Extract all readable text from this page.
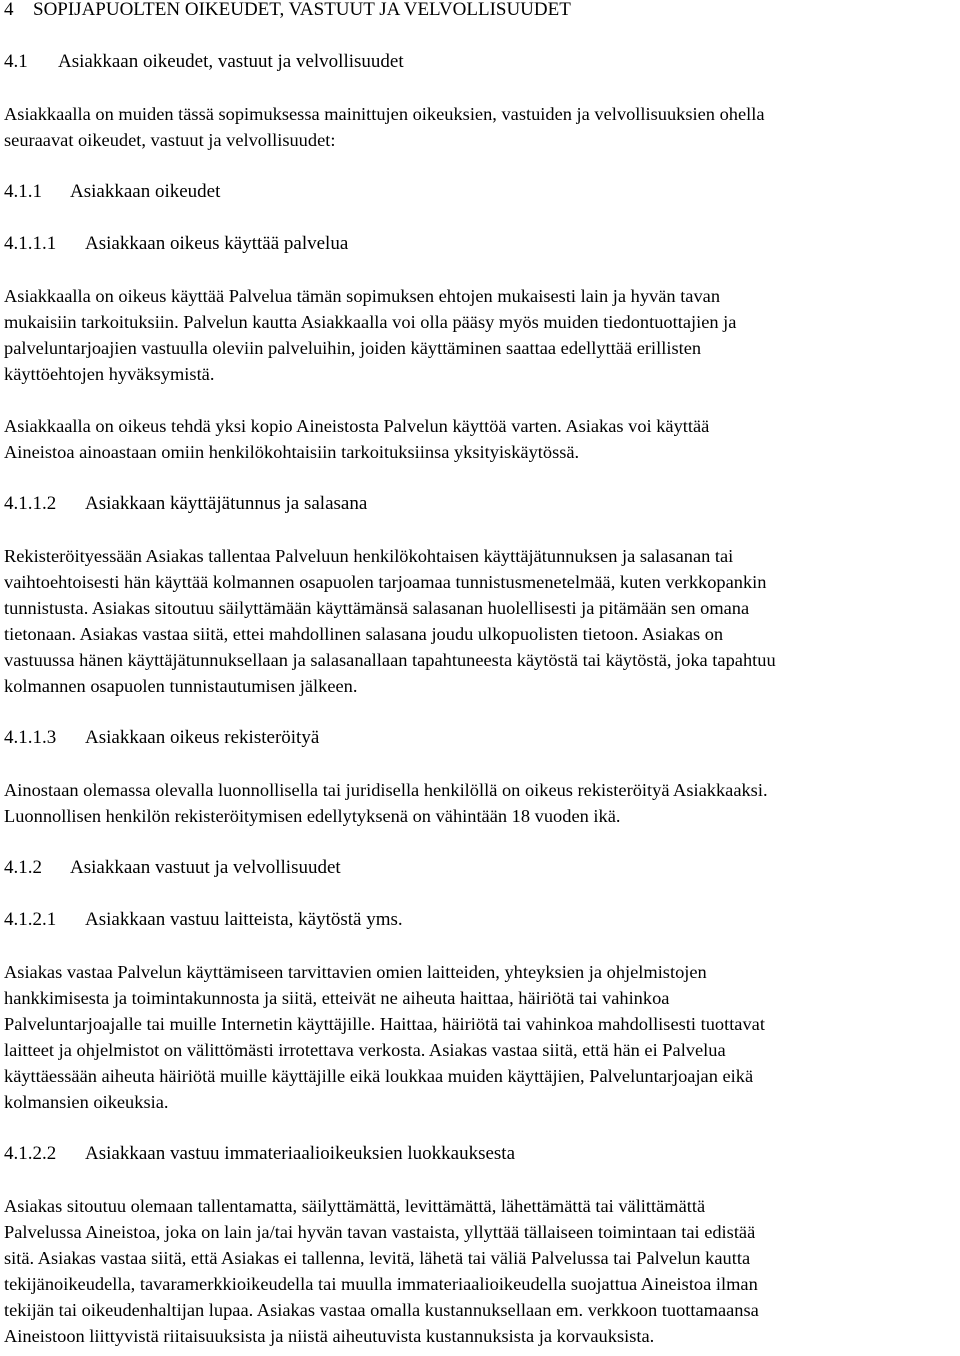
4 SOPIJAPUOLTEN OIKEUDET, VASTUUT JA VELVOLLISUUDET
4.1 Asiakkaan oikeudet, vastuut ja velvollisuudet
Asiakkaalla on muiden tässä sopimuksessa mainittujen oikeuksien, vastuiden ja velvollisuuksien ohella
seuraavat oikeudet, vastuut ja velvollisuudet:
4.1.1 Asiakkaan oikeudet
4.1.1.1 Asiakkaan oikeus käyttää palvelua
Asiakkaalla on oikeus käyttää Palvelua tämän sopimuksen ehtojen mukaisesti lain ja hyvän tavan
mukaisiin tarkoituksiin. Palvelun kautta Asiakkaalla voi olla pääsy myös muiden tiedontuottajien ja
palveluntarjoajien vastuulla oleviin palveluihin, joiden käyttäminen saattaa edellyttää erillisten
käyttöehtojen hyväksymistä.
Asiakkaalla on oikeus tehdä yksi kopio Aineistosta Palvelun käyttöä varten. Asiakas voi käyttää
Aineistoa ainoastaan omiin henkilökohtaisiin tarkoituksiinsa yksityiskäytössä.
4.1.1.2 Asiakkaan käyttäjätunnus ja salasana
Rekisteröityessään Asiakas tallentaa Palveluun henkilökohtaisen käyttäjätunnuksen ja salasanan tai
vaihtoehtoisesti hän käyttää kolmannen osapuolen tarjoamaa tunnistusmenetelmää, kuten verkkopankin
tunnistusta. Asiakas sitoutuu säilyttämään käyttämänsä salasanan huolellisesti ja pitämään sen omana
tietonaan. Asiakas vastaa siitä, ettei mahdollinen salasana joudu ulkopuolisten tietoon. Asiakas on
vastuussa hänen käyttäjätunnuksellaan ja salasanallaan tapahtuneesta käytöstä tai käytöstä, joka tapahtuu
kolmannen osapuolen tunnistautumisen jälkeen.
4.1.1.3 Asiakkaan oikeus rekisteröityä
Ainostaan olemassa olevalla luonnollisella tai juridisella henkilöllä on oikeus rekisteröityä Asiakkaaksi.
Luonnollisen henkilön rekisteröitymisen edellytyksenä on vähintään 18 vuoden ikä.
4.1.2 Asiakkaan vastuut ja velvollisuudet
4.1.2.1 Asiakkaan vastuu laitteista, käytöstä yms.
Asiakas vastaa Palvelun käyttämiseen tarvittavien omien laitteiden, yhteyksien ja ohjelmistojen
hankkimisesta ja toimintakunnosta ja siitä, etteivät ne aiheuta haittaa, häiriötä tai vahinkoa
Palveluntarjoajalle tai muille Internetin käyttäjille. Haittaa, häiriötä tai vahinkoa mahdollisesti tuottavat
laitteet ja ohjelmistot on välittömästi irrotettava verkosta. Asiakas vastaa siitä, että hän ei Palvelua
käyttäessään aiheuta häiriötä muille käyttäjille eikä loukkaa muiden käyttäjien, Palveluntarjoajan eikä
kolmansien oikeuksia.
4.1.2.2 Asiakkaan vastuu immateriaalioikeuksien luokkauksesta
Asiakas sitoutuu olemaan tallentamatta, säilyttämättä, levittämättä, lähettämättä tai välittämättä
Palvelussa Aineistoa, joka on lain ja/tai hyvän tavan vastaista, yllyttää tällaiseen toimintaan tai edistää
sitä. Asiakas vastaa siitä, että Asiakas ei tallenna, levitä, lähetä tai väliä Palvelussa tai Palvelun kautta
tekijänoikeudella, tavaramerkkioikeudella tai muulla immateriaalioikeudella suojattua Aineistoa ilman
tekijän tai oikeudenhaltijan lupaa. Asiakas vastaa omalla kustannuksellaan em. verkkoon tuottamaansa
Aineistoon liittyvistä riitaisuuksista ja niistä aiheutuvista kustannuksista ja korvauksista.
